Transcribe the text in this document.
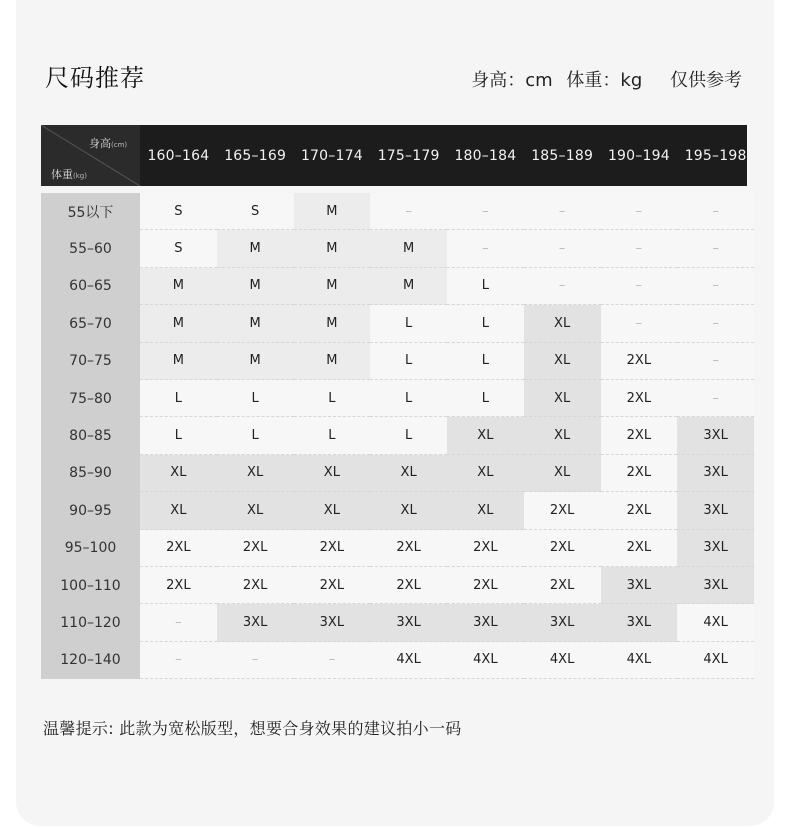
尺码推荐	身高：cm 体重：kg 仅供参考
身高(cm)
体重(kg)
160–164	165–169	170–174	175–179	180–184	185–189	190–194	195–198
55以下	S	S	M	–	–	–	–	–
55–60	S	M	M	M	–	–	–	–
60–65	M	M	M	M	L	–	–	–
65–70	M	M	M	L	L	XL	–	–
70–75	M	M	M	L	L	XL	2XL	–
75–80	L	L	L	L	L	XL	2XL	–
80–85	L	L	L	L	XL	XL	2XL	3XL
85–90	XL	XL	XL	XL	XL	XL	2XL	3XL
90–95	XL	XL	XL	XL	XL	2XL	2XL	3XL
95–100	2XL	2XL	2XL	2XL	2XL	2XL	2XL	3XL
100–110	2XL	2XL	2XL	2XL	2XL	2XL	3XL	3XL
110–120	–	3XL	3XL	3XL	3XL	3XL	3XL	4XL
120–140	–	–	–	4XL	4XL	4XL	4XL	4XL
温馨提示: 此款为宽松版型，想要合身效果的建议拍小一码
